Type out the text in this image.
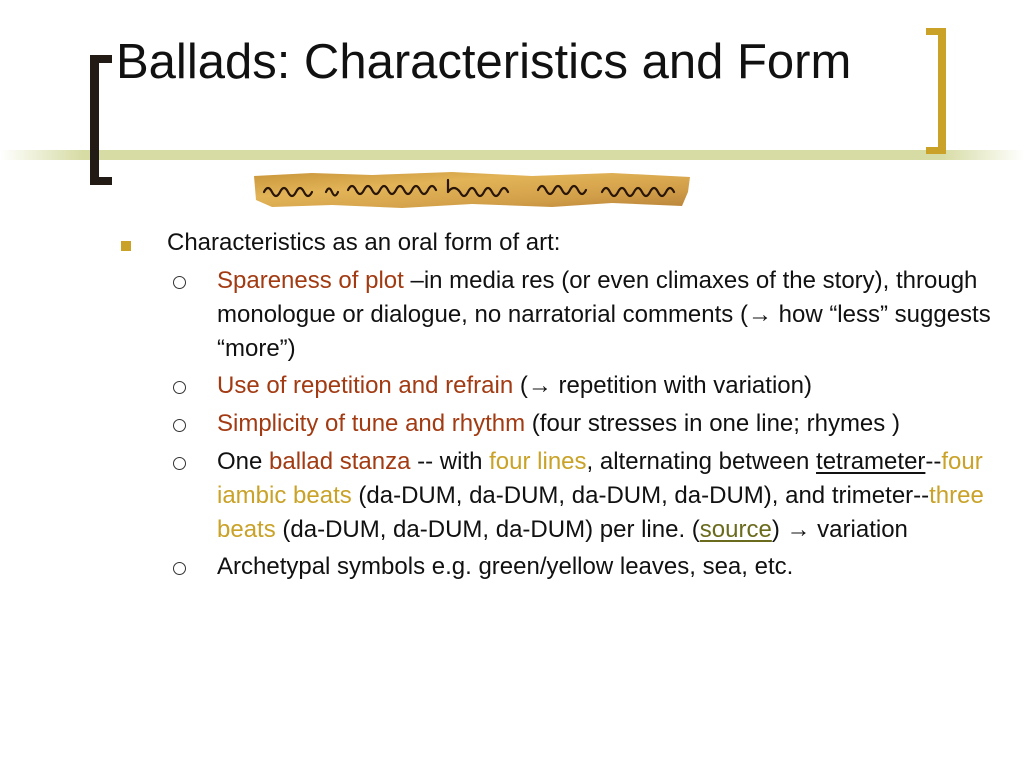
Ballads: Characteristics and Form
Characteristics as an oral form of art:
Spareness of plot –in media res (or even climaxes of the story), through monologue or dialogue, no narratorial comments (→ how “less” suggests “more”)
Use of repetition and refrain (→ repetition with variation)
Simplicity of tune and rhythm (four stresses in one line; rhymes )
One ballad stanza -- with four lines, alternating between tetrameter--four iambic beats (da-DUM, da-DUM, da-DUM, da-DUM), and trimeter--three beats (da-DUM, da-DUM, da-DUM) per line. (source) → variation
Archetypal symbols e.g. green/yellow leaves, sea, etc.
